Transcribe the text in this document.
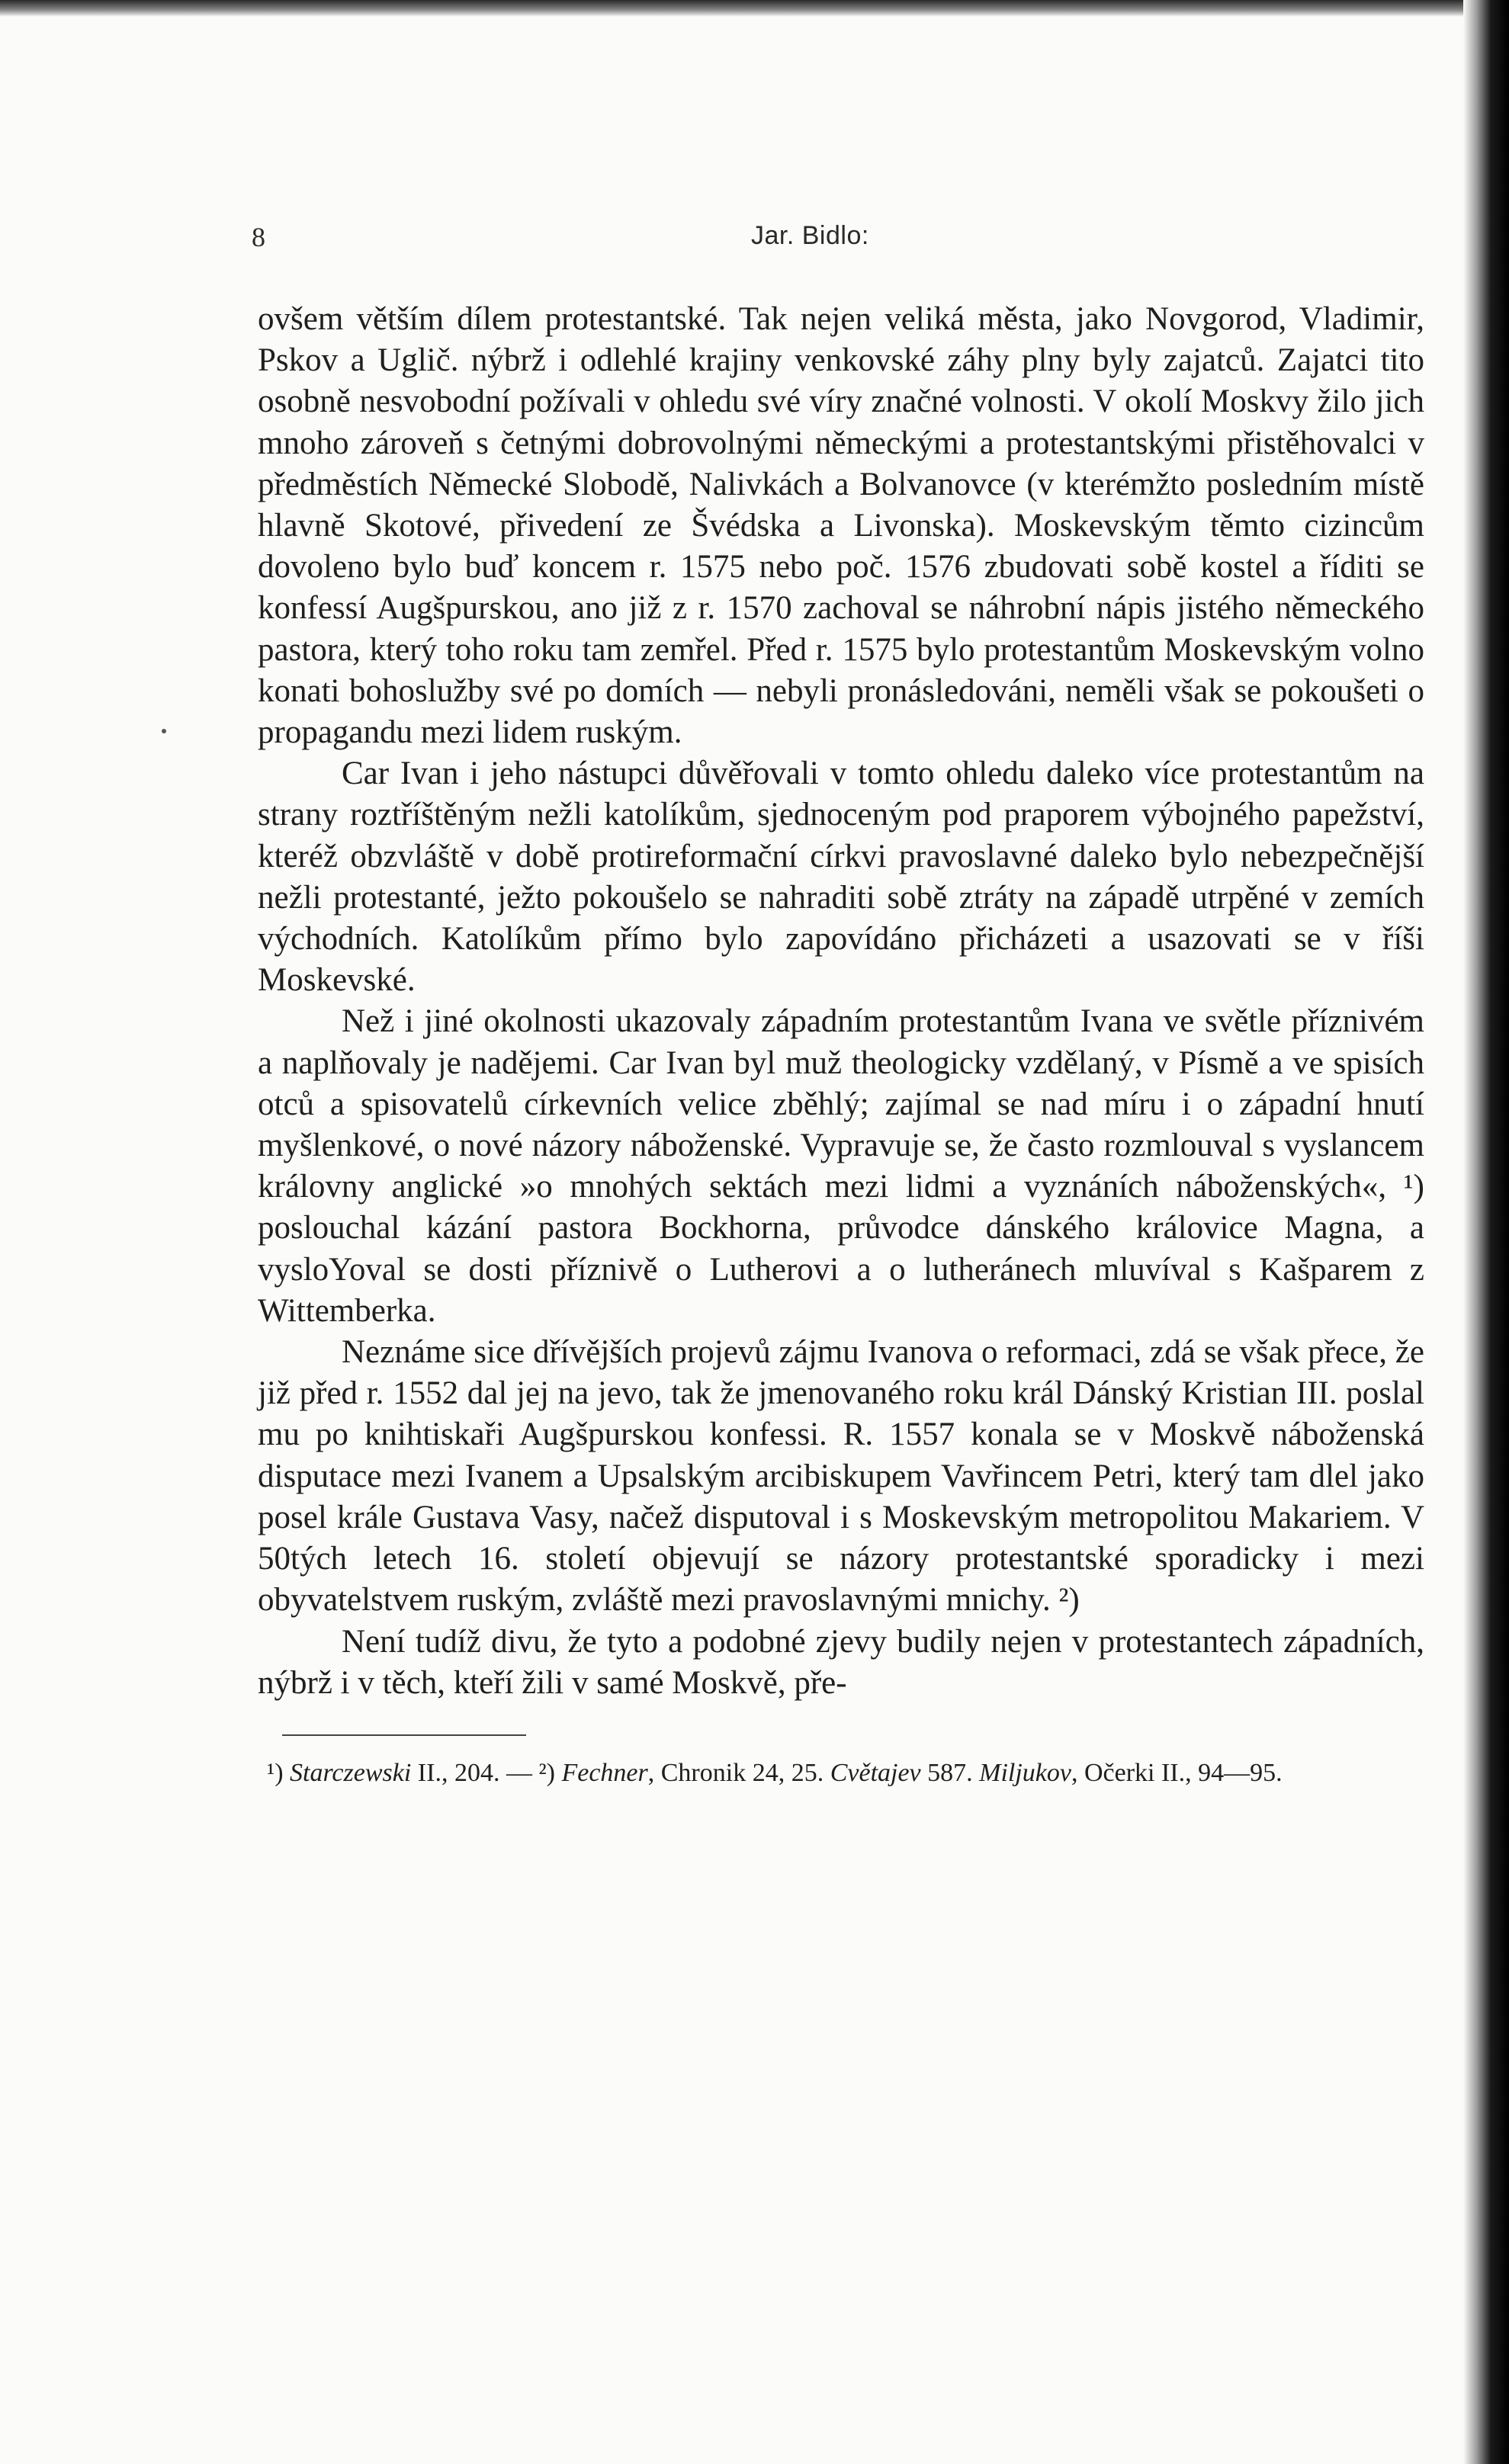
8	Jar. Bidlo:

ovšem větším dílem protestantské. Tak nejen veliká města, jako Novgorod, Vladimir, Pskov a Uglič. nýbrž i odlehlé krajiny venkovské záhy plny byly zajatců. Zajatci tito osobně nesvobodní požívali v ohledu své víry značné volnosti. V okolí Moskvy žilo jich mnoho zároveň s četnými dobrovolnými německými a protestantskými přistěhovalci v předměstích Německé Slobodě, Nalivkách a Bolvanovce (v kterémžto posledním místě hlavně Skotové, přivedení ze Švédska a Livonska). Moskevským těmto cizincům dovoleno bylo buď koncem r. 1575 nebo poč. 1576 zbudovati sobě kostel a říditi se konfessí Augšpurskou, ano již z r. 1570 zachoval se náhrobní nápis jistého německého pastora, který toho roku tam zemřel. Před r. 1575 bylo protestantům Moskevským volno konati bohoslužby své po domích — nebyli pronásledováni, neměli však se pokoušeti o propagandu mezi lidem ruským.

Car Ivan i jeho nástupci důvěřovali v tomto ohledu daleko více protestantům na strany roztříštěným nežli katolíkům, sjednoceným pod praporem výbojného papežství, kteréž obzvláště v době protireformační církvi pravoslavné daleko bylo nebezpečnější nežli protestanté, ježto pokoušelo se nahraditi sobě ztráty na západě utrpěné v zemích východních. Katolíkům přímo bylo zapovídáno přicházeti a usazovati se v říši Moskevské.

Než i jiné okolnosti ukazovaly západním protestantům Ivana ve světle příznivém a naplňovaly je nadějemi. Car Ivan byl muž theologicky vzdělaný, v Písmě a ve spisích otců a spisovatelů církevních velice zběhlý; zajímal se nad míru i o západní hnutí myšlenkové, o nové názory náboženské. Vypravuje se, že často rozmlouval s vyslancem královny anglické »o mnohých sektách mezi lidmi a vyznáních náboženských«, ¹) poslouchal kázání pastora Bockhorna, průvodce dánského královice Magna, a vysloYoval se dosti příznivě o Lutherovi a o lutheránech mluvíval s Kašparem z Wittemberka.

Neznáme sice dřívějších projevů zájmu Ivanova o reformaci, zdá se však přece, že již před r. 1552 dal jej na jevo, tak že jmenovaného roku král Dánský Kristian III. poslal mu po knihtiskaři Augšpurskou konfessi. R. 1557 konala se v Moskvě náboženská disputace mezi Ivanem a Upsalským arcibiskupem Vavřincem Petri, který tam dlel jako posel krále Gustava Vasy, načež disputoval i s Moskevským metropolitou Makariem. V 50tých letech 16. století objevují se názory protestantské sporadicky i mezi obyvatelstvem ruským, zvláště mezi pravoslavnými mnichy. ²)

Není tudíž divu, že tyto a podobné zjevy budily nejen v protestantech západních, nýbrž i v těch, kteří žili v samé Moskvě, pře-

¹) Starczewski II., 204. — ²) Fechner, Chronik 24, 25. Cvětajev 587. Miljukov, Očerki II., 94—95.
